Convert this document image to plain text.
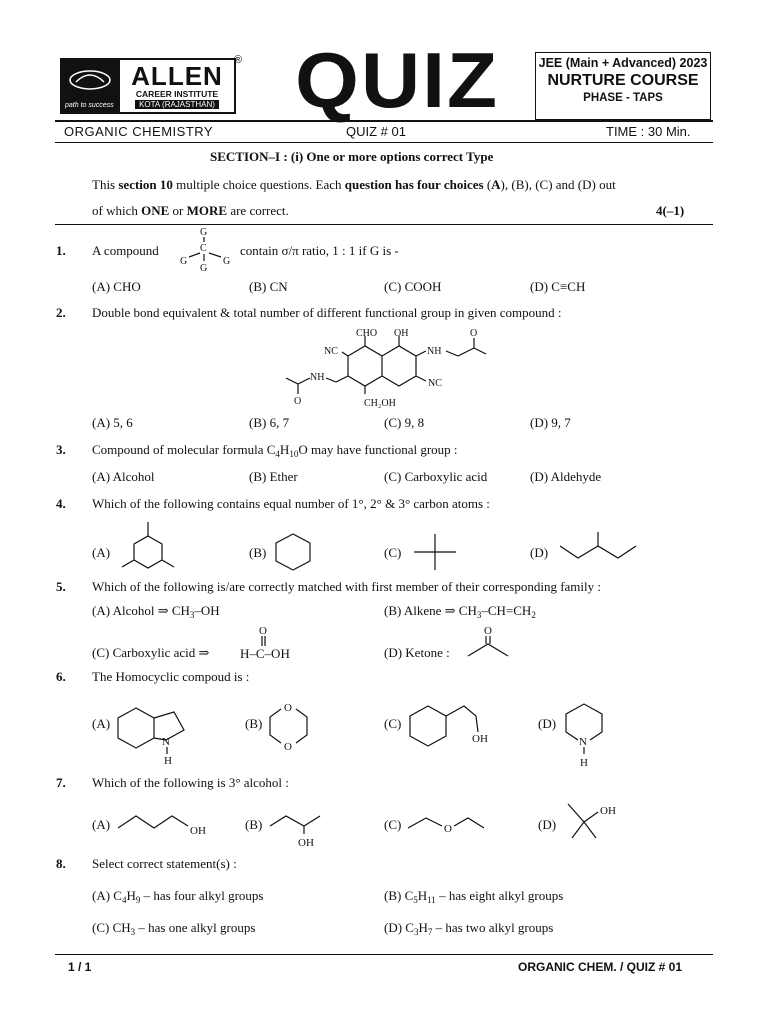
path to success
ALLEN
CAREER INSTITUTE
KOTA (RAJASTHAN)
® QUIZ	JEE (Main + Advanced) 2023
NURTURE COURSE
PHASE - TAPS
ORGANIC CHEMISTRY	QUIZ # 01	TIME : 30 Min.
SECTION–I : (i) One or more options correct Type
This section 10 multiple choice questions. Each question has four choices (A), (B), (C) and (D) out
of which ONE or MORE are correct.	4(–1)
1. A compound
G
C
G	G
G
contain σ/π ratio, 1 : 1 if G is -
(A) CHO	(B) CN	(C) COOH	(D) C≡CH
2. Double bond equivalent & total number of different functional group in given compound :
CHO OH
NC	NH
NH
NC
O
O
CH₂OH
(A) 5, 6	(B) 6, 7	(C) 9, 8	(D) 9, 7
3. Compound of molecular formula $C_4H_{10}O$ may have functional group :
(A) Alcohol	(B) Ether	(C) Carboxylic acid	(D) Aldehyde
4. Which of the following contains equal number of 1°, 2° & 3° carbon atoms :
(A)	(B)	(C)	(D)
5. Which of the following is/are correctly matched with first member of their corresponding family :
(A) Alcohol ⇒ $CH_3-OH$	(B) Alkene ⇒ $CH_3-CH=CH_2$
(C) Carboxylic acid ⇒ H–C–OH
O
(D) Ketone :
O
6. The Homocyclic compoud is :
(A)
N
H
(B)
O
O
(C)
OH
(D)
N
H
7. Which of the following is 3° alcohol :
(A)	OH	(B)
OH
(C)	O	(D)
OH
8. Select correct statement(s) :
(A) $C_4H_9$ – has four alkyl groups	(B) $C_5H_{11}$ – has eight alkyl groups
(C) $CH_3$ – has one alkyl groups	(D) $C_3H_7$ – has two alkyl groups
1 / 1	ORGANIC CHEM. / QUIZ # 01
